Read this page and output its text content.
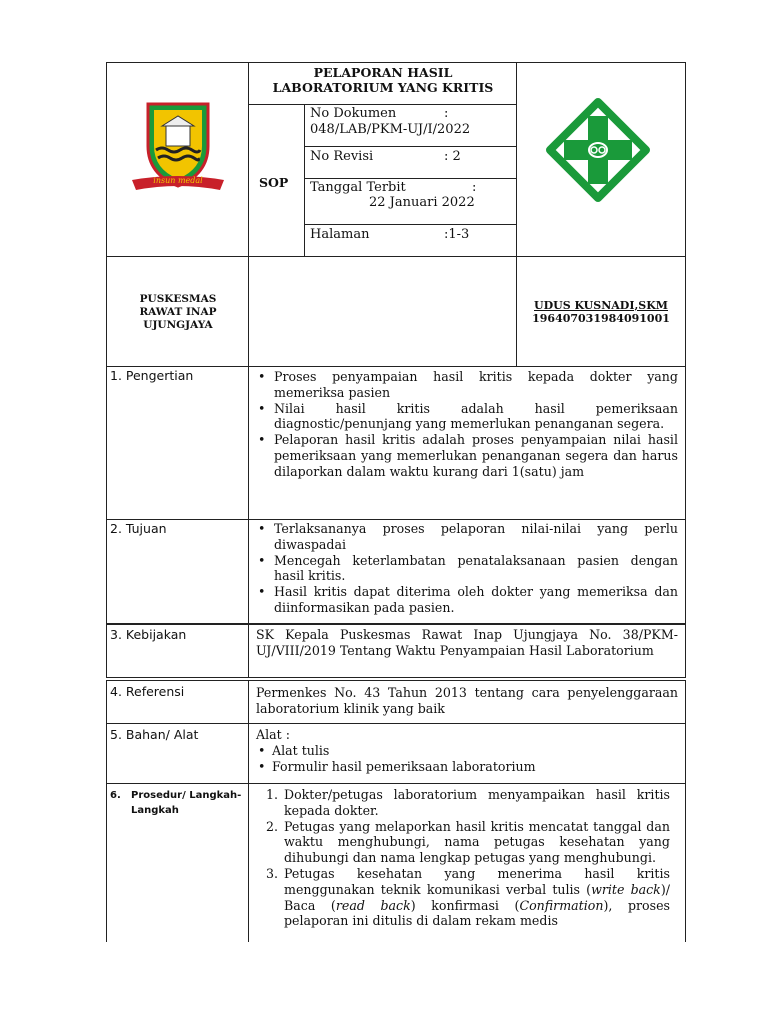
insun medal
PELAPORAN HASIL
LABORATORIUM YANG KRITIS
SOP
No Dokumen	:
048/LAB/PKM-UJ/I/2022
No Revisi	: 2
Tanggal Terbit	:
22 Januari 2022
Halaman	:1-3
PUSKESMAS
RAWAT INAP
UJUNGJAYA
UDUS KUSNADI,SKM
196407031984091001
1. Pengertian	• Proses penyampaian hasil kritis kepada dokter yang memeriksa pasien
• Nilai hasil kritis adalah hasil pemeriksaan diagnostic/penunjang yang memerlukan penanganan segera.
• Pelaporan hasil kritis adalah proses penyampaian nilai hasil pemeriksaan yang memerlukan penanganan segera dan harus dilaporkan dalam waktu kurang dari 1(satu) jam
2. Tujuan	• Terlaksananya proses pelaporan nilai-nilai yang perlu diwaspadai
• Mencegah keterlambatan penatalaksanaan pasien dengan hasil kritis.
• Hasil kritis dapat diterima oleh dokter yang memeriksa dan diinformasikan pada pasien.
3. Kebijakan	SK Kepala Puskesmas Rawat Inap Ujungjaya No. 38/PKM-UJ/VIII/2019 Tentang Waktu Penyampaian Hasil Laboratorium

4. Referensi	Permenkes No. 43 Tahun 2013 tentang cara penyelenggaraan laboratorium klinik yang baik

5. Bahan/ Alat	Alat :

• Alat tulis
• Formulir hasil pemeriksaan laboratorium
6. Prosedur/ Langkah-
Langkah
1. Dokter/petugas laboratorium menyampaikan hasil kritis kepada dokter.
2. Petugas yang melaporkan hasil kritis mencatat tanggal dan waktu menghubungi, nama petugas kesehatan yang dihubungi dan nama lengkap petugas yang menghubungi.
3. Petugas kesehatan yang menerima hasil kritis menggunakan teknik komunikasi verbal tulis (write back)/ Baca (read back) konfirmasi (Confirmation), proses pelaporan ini ditulis di dalam rekam medis
